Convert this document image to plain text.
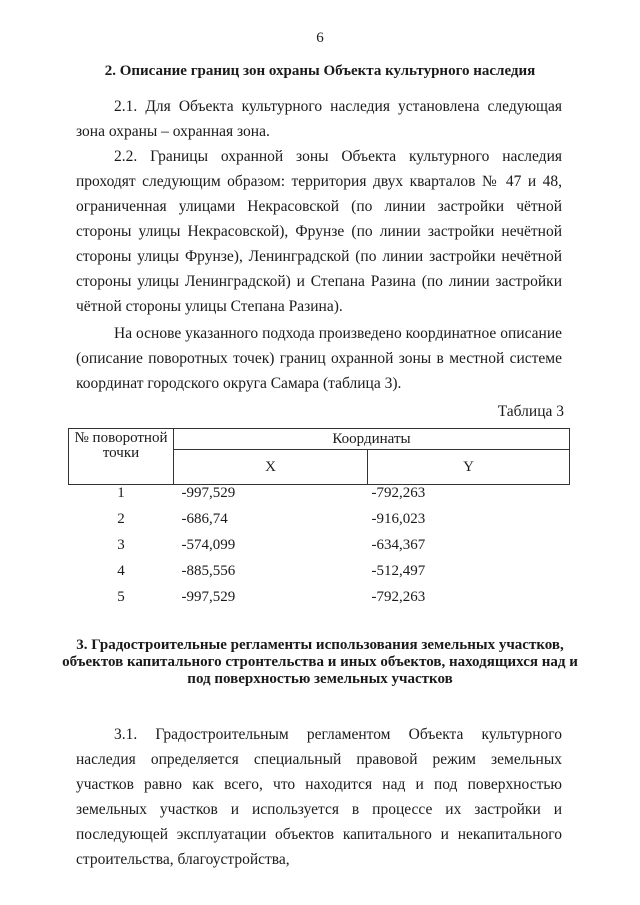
6
2. Описание границ зон охраны Объекта культурного наследия

2.1. Для Объекта культурного наследия установлена следующая зона охраны – охранная зона.

2.2. Границы охранной зоны Объекта культурного наследия проходят следующим образом: территория двух кварталов № 47 и 48, ограниченная улицами Некрасовской (по линии застройки чётной стороны улицы Некрасовской), Фрунзе (по линии застройки нечётной стороны улицы Фрунзе), Ленинградской (по линии застройки нечётной стороны улицы Ленинградской) и Степана Разина (по линии застройки чётной стороны улицы Степана Разина).

На основе указанного подхода произведено координатное описание (описание поворотных точек) границ охранной зоны в местной системе координат городского округа Самара (таблица 3).

Таблица 3
№ поворотной точки	Координаты	
	X	Y
1	-997,529	-792,263
2	-686,74	-916,023
3	-574,099	-634,367
4	-885,556	-512,497
5	-997,529	-792,263
3. Градостроительные регламенты использования земельных участков, объектов капитального стронтельства и иных объектов, находящихся над и под поверхностью земельных участков

3.1. Градостроительным регламентом Объекта культурного наследия определяется специальный правовой режим земельных участков равно как всего, что находится над и под поверхностью земельных участков и используется в процессе их застройки и последующей эксплуатации объектов капитального и некапитального строительства, благоустройства,
